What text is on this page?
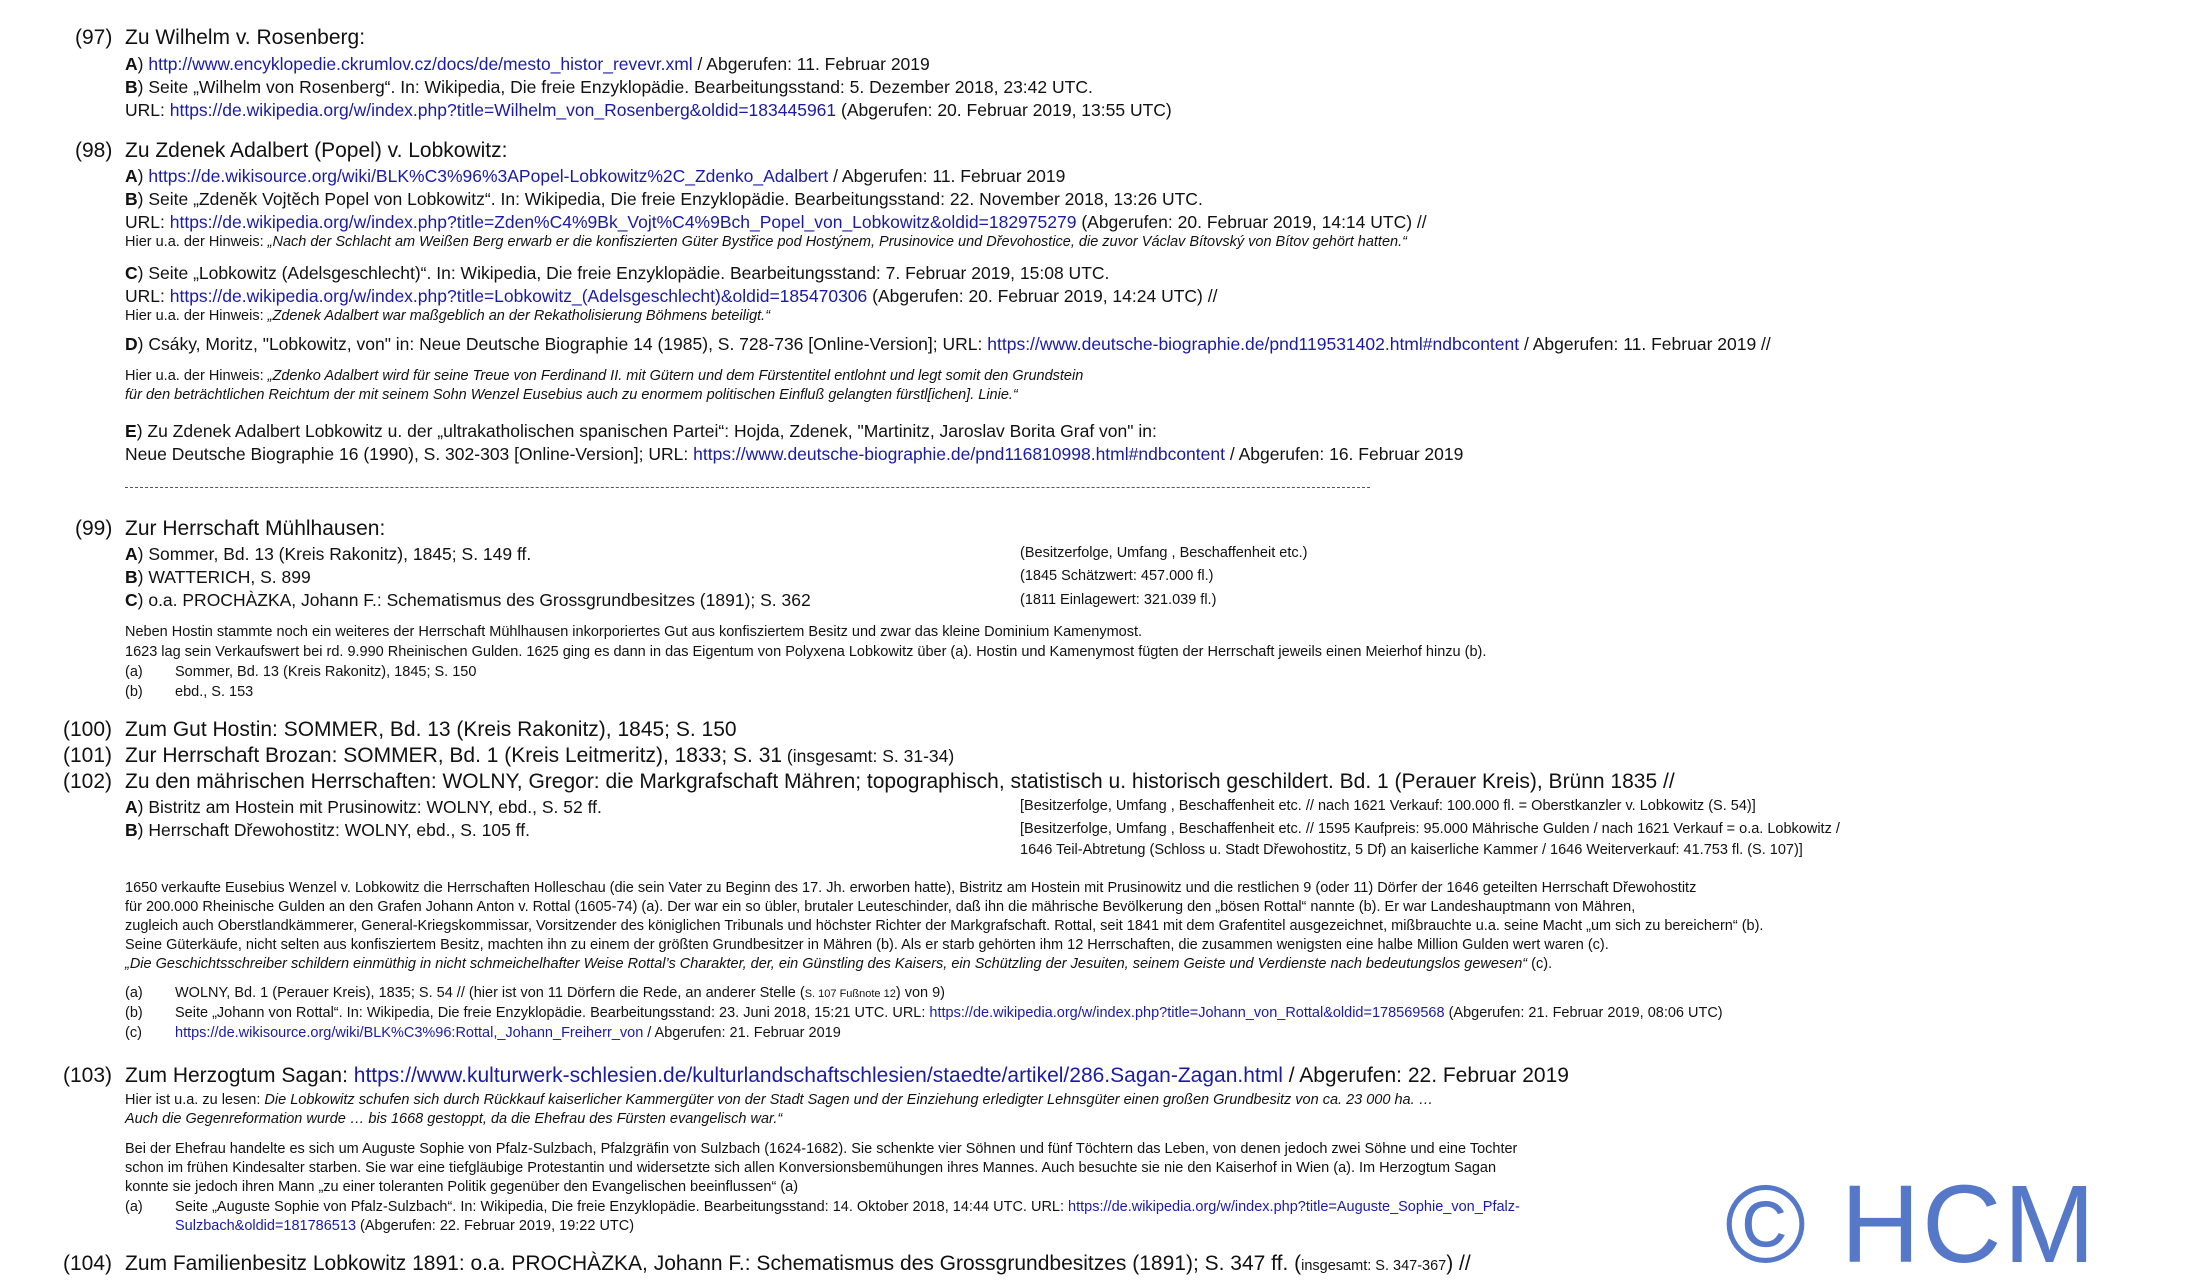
(97) Zu Wilhelm v. Rosenberg:
A) http://www.encyklopedie.ckrumlov.cz/docs/de/mesto_histor_revevr.xml / Abgerufen: 11. Februar 2019
B) Seite „Wilhelm von Rosenberg“. In: Wikipedia, Die freie Enzyklopädie. Bearbeitungsstand: 5. Dezember 2018, 23:42 UTC.
URL: https://de.wikipedia.org/w/index.php?title=Wilhelm_von_Rosenberg&oldid=183445961 (Abgerufen: 20. Februar 2019, 13:55 UTC)
(98) Zu Zdenek Adalbert (Popel) v. Lobkowitz:
A) https://de.wikisource.org/wiki/BLK%C3%96%3APopel-Lobkowitz%2C_Zdenko_Adalbert / Abgerufen: 11. Februar 2019
B) Seite „Zdeněk Vojtěch Popel von Lobkowitz“. In: Wikipedia, Die freie Enzyklopädie. Bearbeitungsstand: 22. November 2018, 13:26 UTC.
URL: https://de.wikipedia.org/w/index.php?title=Zden%C4%9Bk_Vojt%C4%9Bch_Popel_von_Lobkowitz&oldid=182975279 (Abgerufen: 20. Februar 2019, 14:14 UTC) //
Hier u.a. der Hinweis: „Nach der Schlacht am Weißen Berg erwarb er die konfiszierten Güter Bystřice pod Hostýnem, Prusinovice und Dřevohostice, die zuvor Václav Bítovský von Bítov gehört hatten.“
C) Seite „Lobkowitz (Adelsgeschlecht)“. In: Wikipedia, Die freie Enzyklopädie. Bearbeitungsstand: 7. Februar 2019, 15:08 UTC.
URL: https://de.wikipedia.org/w/index.php?title=Lobkowitz_(Adelsgeschlecht)&oldid=185470306 (Abgerufen: 20. Februar 2019, 14:24 UTC) //
Hier u.a. der Hinweis: „Zdenek Adalbert war maßgeblich an der Rekatholisierung Böhmens beteiligt.“
D) Csáky, Moritz, "Lobkowitz, von" in: Neue Deutsche Biographie 14 (1985), S. 728-736 [Online-Version]; URL: https://www.deutsche-biographie.de/pnd119531402.html#ndbcontent / Abgerufen: 11. Februar 2019 //
Hier u.a. der Hinweis: „Zdenko Adalbert wird für seine Treue von Ferdinand II. mit Gütern und dem Fürstentitel entlohnt und legt somit den Grundstein
für den beträchtlichen Reichtum der mit seinem Sohn Wenzel Eusebius auch zu enormem politischen Einfluß gelangten fürstl[ichen]. Linie.“
E) Zu Zdenek Adalbert Lobkowitz u. der „ultrakatholischen spanischen Partei“: Hojda, Zdenek, "Martinitz, Jaroslav Borita Graf von" in:
Neue Deutsche Biographie 16 (1990), S. 302-303 [Online-Version]; URL: https://www.deutsche-biographie.de/pnd116810998.html#ndbcontent / Abgerufen: 16. Februar 2019
(99) Zur Herrschaft Mühlhausen:
A) Sommer, Bd. 13 (Kreis Rakonitz), 1845; S. 149 ff.	(Besitzerfolge, Umfang , Beschaffenheit etc.)
B) WATTERICH, S. 899	(1845 Schätzwert: 457.000 fl.)
C) o.a. PROCHÀZKA, Johann F.: Schematismus des Grossgrundbesitzes (1891); S. 362	(1811 Einlagewert: 321.039 fl.)
Neben Hostin stammte noch ein weiteres der Herrschaft Mühlhausen inkorporiertes Gut aus konfisziertem Besitz und zwar das kleine Dominium Kamenymost.
1623 lag sein Verkaufswert bei rd. 9.990 Rheinischen Gulden. 1625 ging es dann in das Eigentum von Polyxena Lobkowitz über (a). Hostin und Kamenymost fügten der Herrschaft jeweils einen Meierhof hinzu (b).
(a) Sommer, Bd. 13 (Kreis Rakonitz), 1845; S. 150
(b) ebd., S. 153
(100) Zum Gut Hostin: SOMMER, Bd. 13 (Kreis Rakonitz), 1845; S. 150
(101) Zur Herrschaft Brozan: SOMMER, Bd. 1 (Kreis Leitmeritz), 1833; S. 31 (insgesamt: S. 31-34)
(102) Zu den mährischen Herrschaften: WOLNY, Gregor: die Markgrafschaft Mähren; topographisch, statistisch u. historisch geschildert. Bd. 1 (Perauer Kreis), Brünn 1835 //
A) Bistritz am Hostein mit Prusinowitz: WOLNY, ebd., S. 52 ff.	[Besitzerfolge, Umfang , Beschaffenheit etc. // nach 1621 Verkauf: 100.000 fl. = Oberstkanzler v. Lobkowitz (S. 54)]
B) Herrschaft Dřewohostitz: WOLNY, ebd., S. 105 ff.	[Besitzerfolge, Umfang , Beschaffenheit etc. // 1595 Kaufpreis: 95.000 Mährische Gulden / nach 1621 Verkauf = o.a. Lobkowitz /
1646 Teil-Abtretung (Schloss u. Stadt Dřewohostitz, 5 Df) an kaiserliche Kammer / 1646 Weiterverkauf: 41.753 fl. (S. 107)]
1650 verkaufte Eusebius Wenzel v. Lobkowitz die Herrschaften Holleschau (die sein Vater zu Beginn des 17. Jh. erworben hatte), Bistritz am Hostein mit Prusinowitz und die restlichen 9 (oder 11) Dörfer der 1646 geteilten Herrschaft Dřewohostitz
für 200.000 Rheinische Gulden an den Grafen Johann Anton v. Rottal (1605-74) (a). Der war ein so übler, brutaler Leuteschinder, daß ihn die mährische Bevölkerung den „bösen Rottal“ nannte (b). Er war Landeshauptmann von Mähren,
zugleich auch Oberstlandkämmerer, General-Kriegskommissar, Vorsitzender des königlichen Tribunals und höchster Richter der Markgrafschaft. Rottal, seit 1841 mit dem Grafentitel ausgezeichnet, mißbrauchte u.a. seine Macht „um sich zu bereichern“ (b).
Seine Güterkäufe, nicht selten aus konfisziertem Besitz, machten ihn zu einem der größten Grundbesitzer in Mähren (b). Als er starb gehörten ihm 12 Herrschaften, die zusammen wenigsten eine halbe Million Gulden wert waren (c).
„Die Geschichtsschreiber schildern einmüthig in nicht schmeichelhafter Weise Rottal’s Charakter, der, ein Günstling des Kaisers, ein Schützling der Jesuiten, seinem Geiste und Verdienste nach bedeutungslos gewesen“ (c).
(a) WOLNY, Bd. 1 (Perauer Kreis), 1835; S. 54 // (hier ist von 11 Dörfern die Rede, an anderer Stelle (S. 107 Fußnote 12) von 9)
(b) Seite „Johann von Rottal“. In: Wikipedia, Die freie Enzyklopädie. Bearbeitungsstand: 23. Juni 2018, 15:21 UTC. URL: https://de.wikipedia.org/w/index.php?title=Johann_von_Rottal&oldid=178569568 (Abgerufen: 21. Februar 2019, 08:06 UTC)
(c) https://de.wikisource.org/wiki/BLK%C3%96:Rottal,_Johann_Freiherr_von / Abgerufen: 21. Februar 2019
(103) Zum Herzogtum Sagan: https://www.kulturwerk-schlesien.de/kulturlandschaftschlesien/staedte/artikel/286.Sagan-Zagan.html / Abgerufen: 22. Februar 2019
Hier ist u.a. zu lesen: Die Lobkowitz schufen sich durch Rückkauf kaiserlicher Kammergüter von der Stadt Sagen und der Einziehung erledigter Lehnsgüter einen großen Grundbesitz von ca. 23 000 ha. …
Auch die Gegenreformation wurde … bis 1668 gestoppt, da die Ehefrau des Fürsten evangelisch war.“
Bei der Ehefrau handelte es sich um Auguste Sophie von Pfalz-Sulzbach, Pfalzgräfin von Sulzbach (1624-1682). Sie schenkte vier Söhnen und fünf Töchtern das Leben, von denen jedoch zwei Söhne und eine Tochter
schon im frühen Kindesalter starben. Sie war eine tiefgläubige Protestantin und widersetzte sich allen Konversionsbemühungen ihres Mannes. Auch besuchte sie nie den Kaiserhof in Wien (a). Im Herzogtum Sagan
konnte sie jedoch ihren Mann „zu einer toleranten Politik gegenüber den Evangelischen beeinflussen“ (a)
(a) Seite „Auguste Sophie von Pfalz-Sulzbach“. In: Wikipedia, Die freie Enzyklopädie. Bearbeitungsstand: 14. Oktober 2018, 14:44 UTC. URL: https://de.wikipedia.org/w/index.php?title=Auguste_Sophie_von_Pfalz-
Sulzbach&oldid=181786513 (Abgerufen: 22. Februar 2019, 19:22 UTC)
(104) Zum Familienbesitz Lobkowitz 1891: o.a. PROCHÀZKA, Johann F.: Schematismus des Grossgrundbesitzes (1891); S. 347 ff. (insgesamt: S. 347-367) // © HCM
